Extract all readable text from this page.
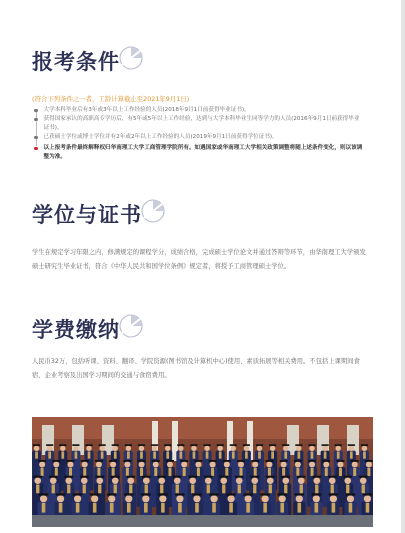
报考条件
(符合下列条件之一者，工龄计算截止至2021年9月1日)
大学本科毕业后有3年或3年以上工作经验的人员(2018年9月1日前获得毕业证书)。
获得国家承认的高职高专学历后，有5年或5年以上工作经验，达到与大学本科毕业生同等学力的人员(2016年9月1日前获得毕业证书)。
已获硕士学位或博士学位并有2年或2年以上工作经验的人员(2019年9月1日前获得学位证书)。
以上报考条件最终解释权归华南理工大学工商管理学院所有。如遇国家或华南理工大学相关政策调整将随上述条件变化，则以该调整为准。
学位与证书
学生在规定学习年限之内，修满规定的课程学分，成绩合格，完成硕士学位论文并通过答辩等环节，由华南理工大学颁发硕士研究生毕业证书，符合《中华人民共和国学位条例》规定者，将授予工商管理硕士学位。
学费缴纳
人民币32万，包括听课、资料、翻译、学院资源(图书馆及计算机中心)使用、素质拓展等相关费用。不包括上课期间食宿、企业考察及出国学习期间的交通与食宿费用。
